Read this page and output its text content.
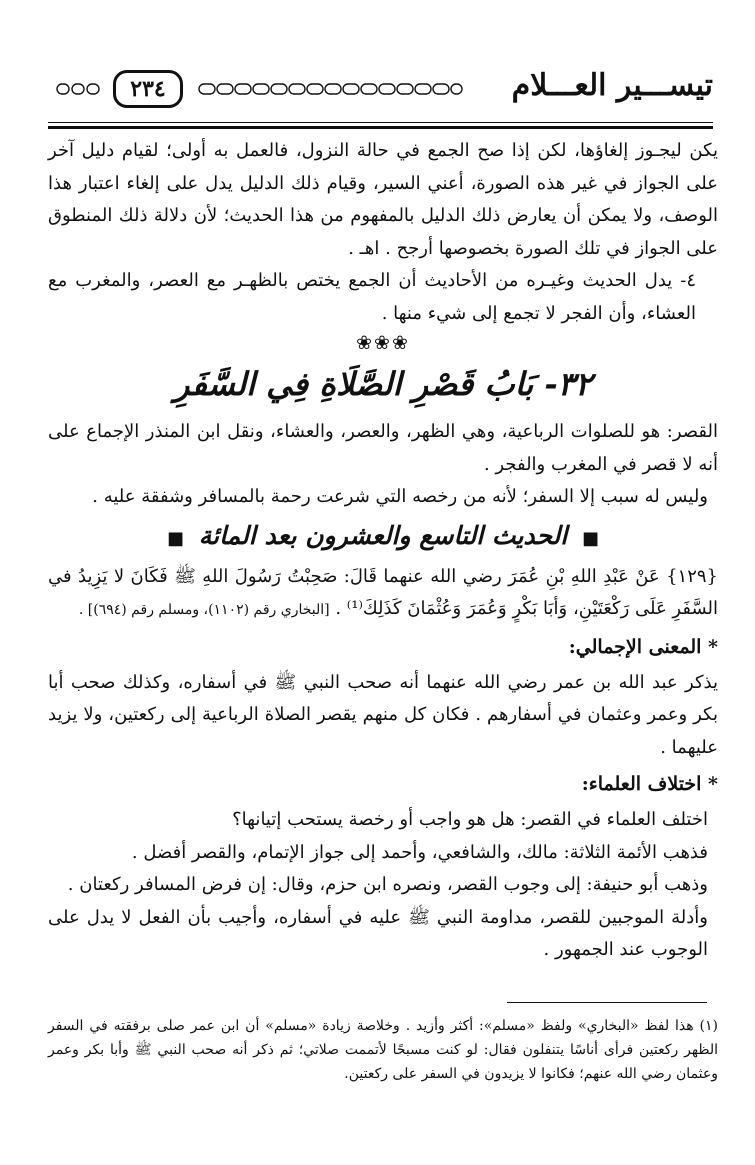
تيســـير العـــلام
٢٣٤

يكن ليجـوز إلغاؤها، لكن إذا صح الجمع في حالة النزول، فالعمل به أولى؛ لقيام دليل آخر على الجواز في غير هذه الصورة، أعني السير، وقيام ذلك الدليل يدل على إلغاء اعتبار هذا الوصف، ولا يمكن أن يعارض ذلك الدليل بالمفهوم من هذا الحديث؛ لأن دلالة ذلك المنطوق على الجواز في تلك الصورة بخصوصها أرجح . اهـ .

٤- يدل الحديث وغيـره من الأحاديث أن الجمع يختص بالظهـر مع العصر، والمغرب مع العشاء، وأن الفجر لا تجمع إلى شيء منها .

❀❀❀
٣٢- بَابُ قَصْرِ الصَّلَاةِ فِي السَّفَرِ

القصر: هو للصلوات الرباعية، وهي الظهر، والعصر، والعشاء، ونقل ابن المنذر الإجماع على أنه لا قصر في المغرب والفجر .

وليس له سبب إلا السفر؛ لأنه من رخصه التي شرعت رحمة بالمسافر وشفقة عليه .

■ الحديث التاسع والعشرون بعد المائة ■

{١٢٩} عَنْ عَبْدِ اللهِ بْنِ عُمَرَ رضي الله عنهما قَالَ: صَحِبْتُ رَسُولَ اللهِ ﷺ فَكَانَ لا يَزِيدُ في السَّفَرِ عَلَى رَكْعَتَيْنِ، وَأبَا بَكْرٍ وَعُمَرَ وَعُثْمَانَ كَذَلِكَ⁽¹⁾ . [البخاري رقم (١١٠٢)، ومسلم رقم (٦٩٤)] .

* المعنى الإجمالي:

يذكر عبد الله بن عمر رضي الله عنهما أنه صحب النبي ﷺ في أسفاره، وكذلك صحب أبا بكر وعمر وعثمان في أسفارهم . فكان كل منهم يقصر الصلاة الرباعية إلى ركعتين، ولا يزيد عليهما .

* اختلاف العلماء:

اختلف العلماء في القصر: هل هو واجب أو رخصة يستحب إتيانها؟

فذهب الأئمة الثلاثة: مالك، والشافعي، وأحمد إلى جواز الإتمام، والقصر أفضل .

وذهب أبو حنيفة: إلى وجوب القصر، ونصره ابن حزم، وقال: إن فرض المسافر ركعتان .

وأدلة الموجبين للقصر، مداومة النبي ﷺ عليه في أسفاره، وأجيب بأن الفعل لا يدل على الوجوب عند الجمهور .

(١) هذا لفظ «البخاري» ولفظ «مسلم»: أكثر وأزيد . وخلاصة زيادة «مسلم» أن ابن عمر صلى برفقته في السفر الظهر ركعتين فرأى أناسًا يتنفلون فقال: لو كنت مسبحًا لأتممت صلاتي؛ ثم ذكر أنه صحب النبي ﷺ وأبا بكر وعمر وعثمان رضي الله عنهم؛ فكانوا لا يزيدون في السفر على ركعتين.
